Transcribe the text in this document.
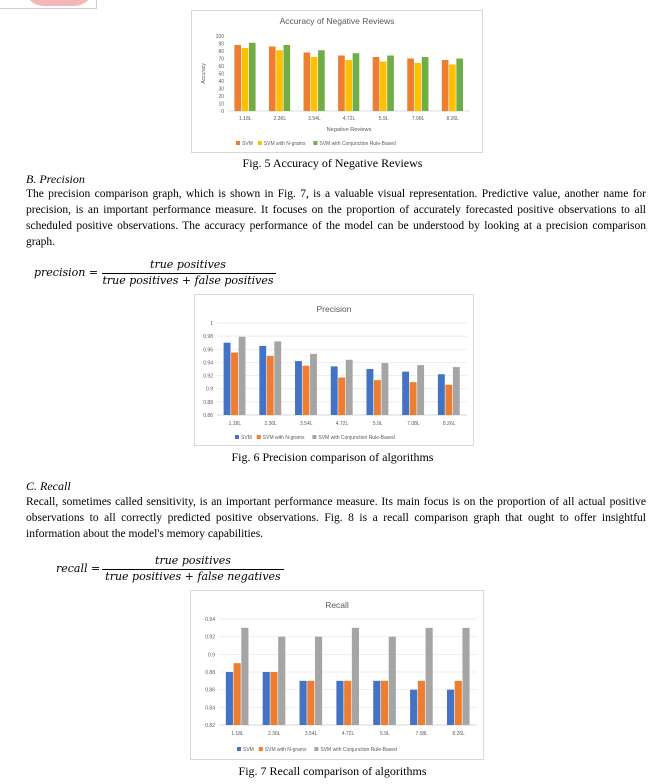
Accuracy of Negative Reviews
0
10
20
30
40
50
60
70
80
90
100
1.18L	2.36L	3.54L	4.72L	5.9L	7.08L	8.26L
Negative Reviews
Accuracy
SVM SVM with N-grams	SVM with Conjunction Rule-Based
Fig. 5 Accuracy of Negative Reviews
B. Precision
The precision comparison graph, which is shown in Fig. 7, is a valuable visual representation. Predictive value, another name for precision, is an important performance measure. It focuses on the proportion of accurately forecasted positive observations to all scheduled positive observations. The accuracy performance of the model can be understood by looking at a precision comparison graph.
precision =
true positives
true positives + false positives
Precision
0.86
0.88
0.9
0.92
0.94
0.96
0.98
1
1.18L	2.36L	3.54L	4.72L	5.9L	7.08L	8.26L
SVM SVM with N-grams	SVM with Conjunction Rule-Based
Fig. 6 Precision comparison of algorithms
C. Recall
Recall, sometimes called sensitivity, is an important performance measure. Its main focus is on the proportion of all actual positive observations to all correctly predicted positive observations. Fig. 8 is a recall comparison graph that ought to offer insightful information about the model's memory capabilities.
recall =
true positives
true positives + false negatives
Recall
0.82
0.84
0.86
0.88
0.9
0.92
0.94
1.18L	2.36L	3.54L	4.72L	5.9L	7.08L	8.26L
SVM SVM with N-grams	SVM with Conjunction Rule-Based
Fig. 7 Recall comparison of algorithms
